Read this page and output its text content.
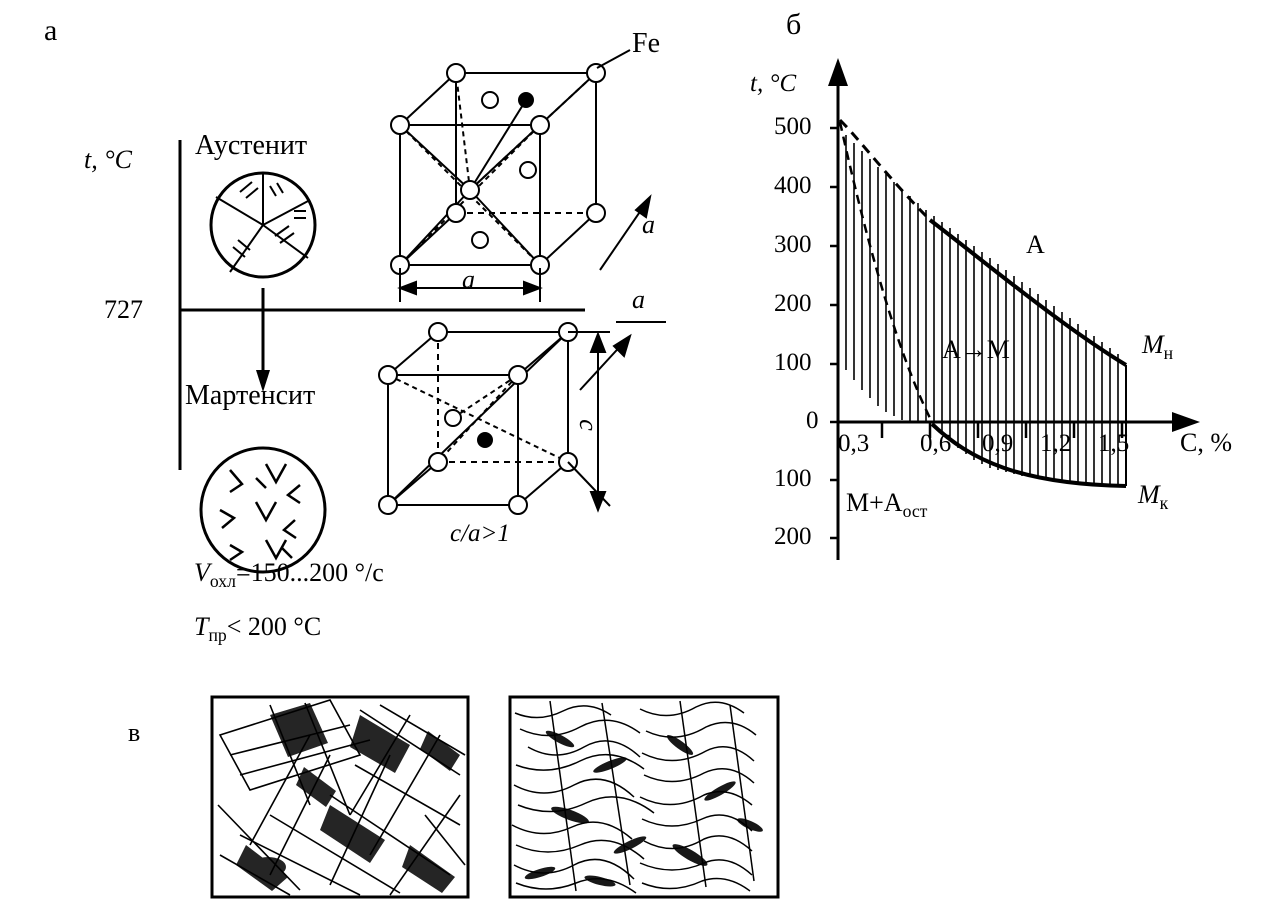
а	б
в
t, °C
727
Аустенит
Мартенсит
Fe
a
a
a
c
c/a>1
$V_{охл}=150...200$ °/c
$T_{пр}< 200$ °C
t, °C
C, %
500
400
300
200
100
0
100
200
0,3 0,6 0,9 1,2 1,5
A
A→M
$M+A_{ост}$
$M_н$
$M_к$
